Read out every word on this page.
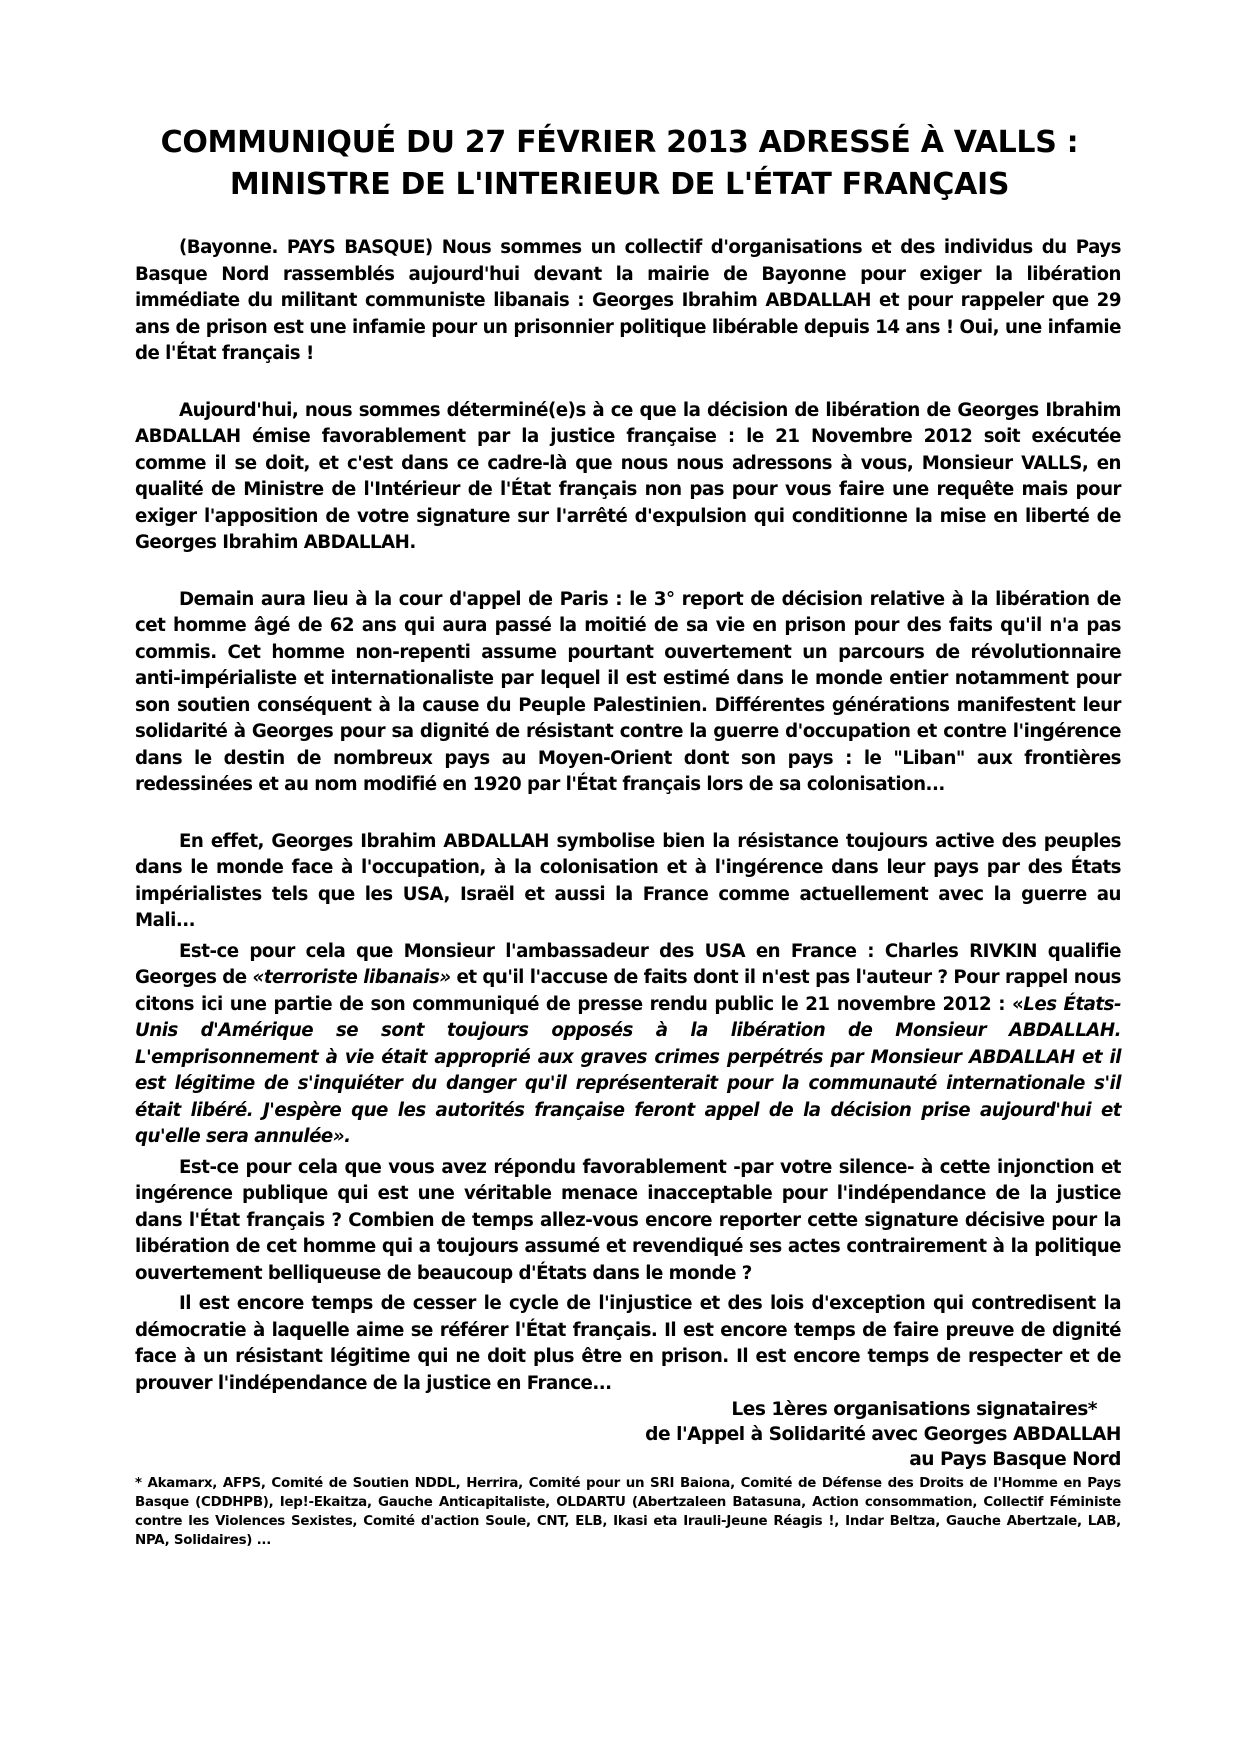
COMMUNIQUÉ DU 27 FÉVRIER 2013 ADRESSÉ À VALLS :
MINISTRE DE L'INTERIEUR DE L'ÉTAT FRANÇAIS

(Bayonne. PAYS BASQUE) Nous sommes un collectif d'organisations et des individus du Pays Basque Nord rassemblés aujourd'hui devant la mairie de Bayonne pour exiger la libération immédiate du militant communiste libanais : Georges Ibrahim ABDALLAH et pour rappeler que 29 ans de prison est une infamie pour un prisonnier politique libérable depuis 14 ans ! Oui, une infamie de l'État français !

Aujourd'hui, nous sommes déterminé(e)s à ce que la décision de libération de Georges Ibrahim ABDALLAH émise favorablement par la justice française : le 21 Novembre 2012 soit exécutée comme il se doit, et c'est dans ce cadre-là que nous nous adressons à vous, Monsieur VALLS, en qualité de Ministre de l'Intérieur de l'État français non pas pour vous faire une requête mais pour exiger l'apposition de votre signature sur l'arrêté d'expulsion qui conditionne la mise en liberté de Georges Ibrahim ABDALLAH.

Demain aura lieu à la cour d'appel de Paris : le 3° report de décision relative à la libération de cet homme âgé de 62 ans qui aura passé la moitié de sa vie en prison pour des faits qu'il n'a pas commis. Cet homme non-repenti assume pourtant ouvertement un parcours de révolutionnaire anti-impérialiste et internationaliste par lequel il est estimé dans le monde entier notamment pour son soutien conséquent à la cause du Peuple Palestinien. Différentes générations manifestent leur solidarité à Georges pour sa dignité de résistant contre la guerre d'occupation et contre l'ingérence dans le destin de nombreux pays au Moyen-Orient dont son pays : le "Liban" aux frontières redessinées et au nom modifié en 1920 par l'État français lors de sa colonisation...

En effet, Georges Ibrahim ABDALLAH symbolise bien la résistance toujours active des peuples dans le monde face à l'occupation, à la colonisation et à l'ingérence dans leur pays par des États impérialistes tels que les USA, Israël et aussi la France comme actuellement avec la guerre au Mali...

Est-ce pour cela que Monsieur l'ambassadeur des USA en France : Charles RIVKIN qualifie Georges de «terroriste libanais» et qu'il l'accuse de faits dont il n'est pas l'auteur ? Pour rappel nous citons ici une partie de son communiqué de presse rendu public le 21 novembre 2012 : «Les États-Unis d'Amérique se sont toujours opposés à la libération de Monsieur ABDALLAH. L'emprisonnement à vie était approprié aux graves crimes perpétrés par Monsieur ABDALLAH et il est légitime de s'inquiéter du danger qu'il représenterait pour la communauté internationale s'il était libéré. J'espère que les autorités française feront appel de la décision prise aujourd'hui et qu'elle sera annulée».

Est-ce pour cela que vous avez répondu favorablement -par votre silence- à cette injonction et ingérence publique qui est une véritable menace inacceptable pour l'indépendance de la justice dans l'État français ? Combien de temps allez-vous encore reporter cette signature décisive pour la libération de cet homme qui a toujours assumé et revendiqué ses actes contrairement à la politique ouvertement belliqueuse de beaucoup d'États dans le monde ?

Il est encore temps de cesser le cycle de l'injustice et des lois d'exception qui contredisent la démocratie à laquelle aime se référer l'État français. Il est encore temps de faire preuve de dignité face à un résistant légitime qui ne doit plus être en prison. Il est encore temps de respecter et de prouver l'indépendance de la justice en France...

Les 1ères organisations signataires*
de l'Appel à Solidarité avec Georges ABDALLAH
au Pays Basque Nord

* Akamarx, AFPS, Comité de Soutien NDDL, Herrira, Comité pour un SRI Baiona, Comité de Défense des Droits de l'Homme en Pays Basque (CDDHPB), Iep!-Ekaitza, Gauche Anticapitaliste, OLDARTU (Abertzaleen Batasuna, Action consommation, Collectif Féministe contre les Violences Sexistes, Comité d'action Soule, CNT, ELB, Ikasi eta Irauli-Jeune Réagis !, Indar Beltza, Gauche Abertzale, LAB, NPA, Solidaires) ...
